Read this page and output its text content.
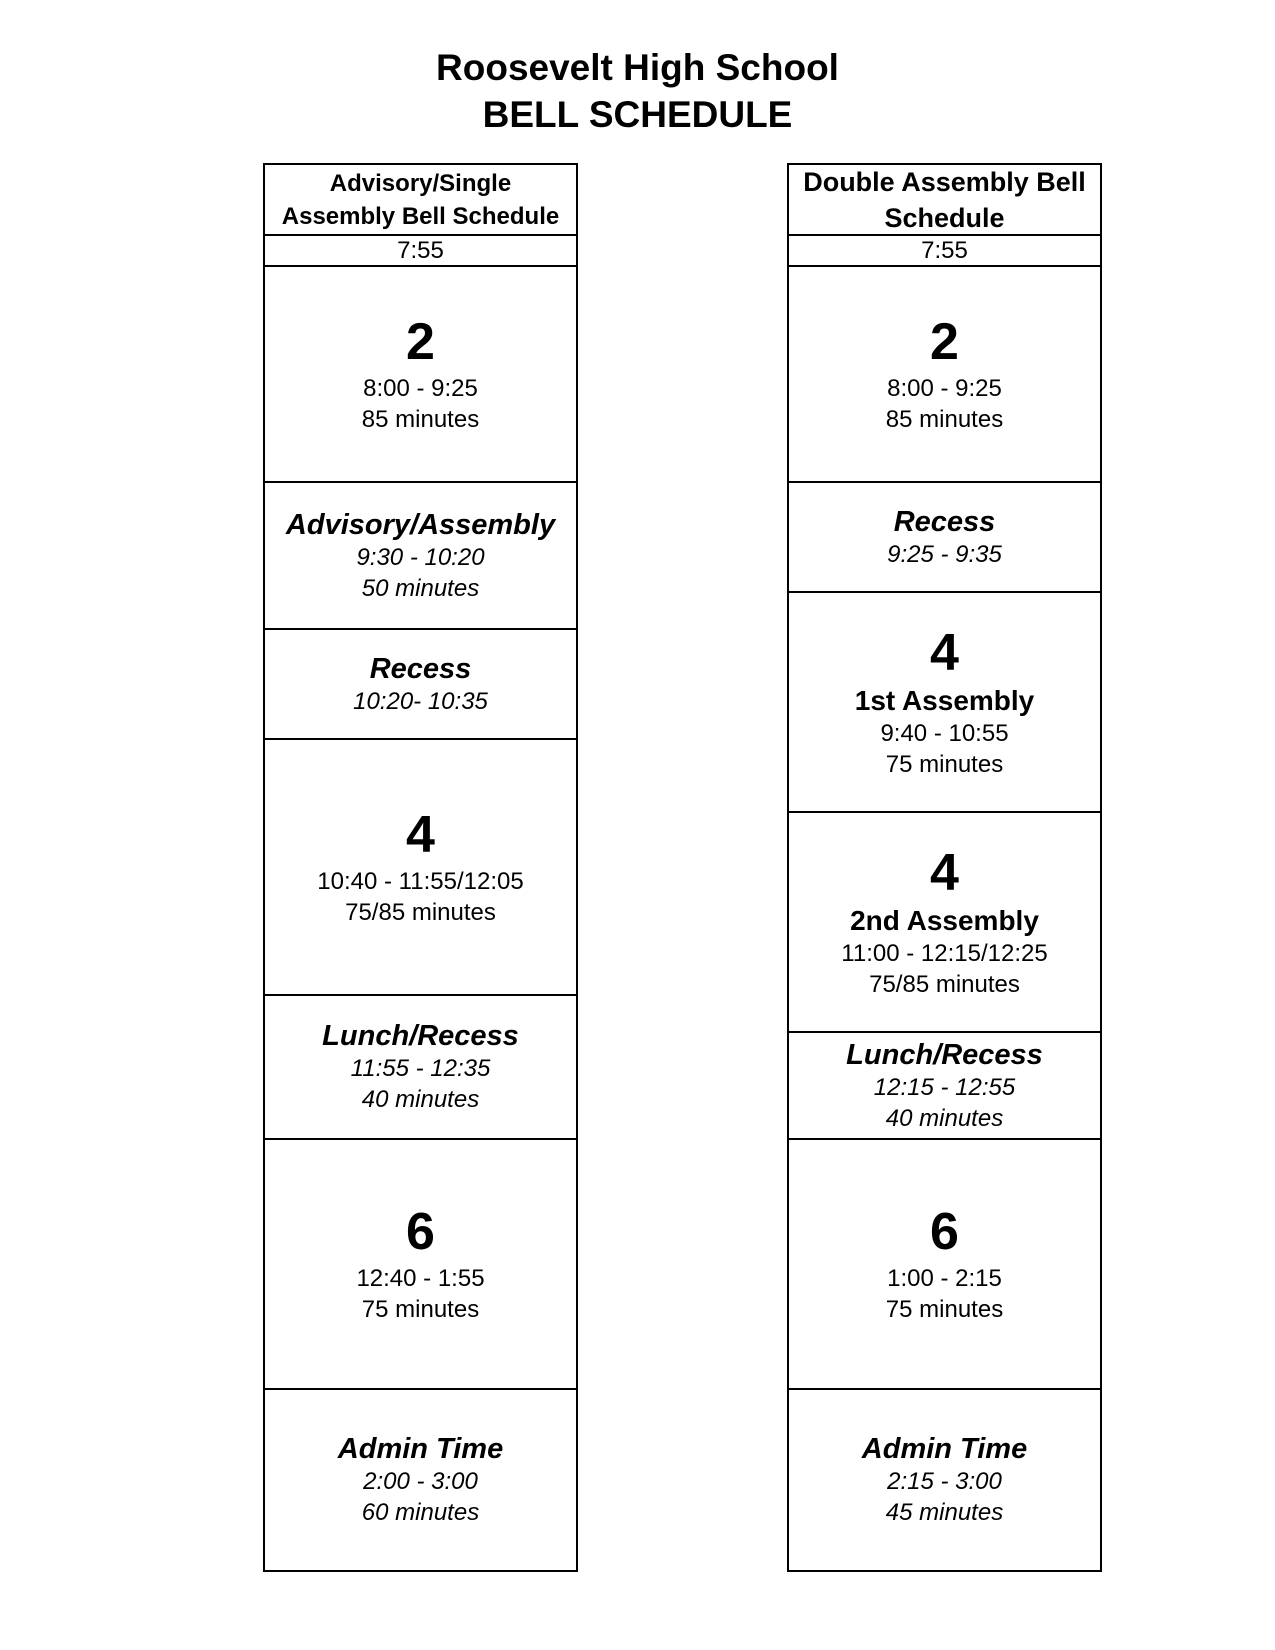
Roosevelt High School
BELL SCHEDULE
Advisory/Single Assembly Bell Schedule
7:55
2
8:00 - 9:25
85 minutes
Advisory/Assembly
9:30 - 10:20
50 minutes
Recess
10:20- 10:35
4
10:40 - 11:55/12:05
75/85 minutes
Lunch/Recess
11:55 - 12:35
40 minutes
6
12:40 - 1:55
75 minutes
Admin Time
2:00 - 3:00
60 minutes
Double Assembly Bell Schedule
7:55
2
8:00 - 9:25
85 minutes
Recess
9:25 - 9:35
4
1st Assembly
9:40 - 10:55
75 minutes
4
2nd Assembly
11:00 - 12:15/12:25
75/85 minutes
Lunch/Recess
12:15 - 12:55
40 minutes
6
1:00 - 2:15
75 minutes
Admin Time
2:15 - 3:00
45 minutes
